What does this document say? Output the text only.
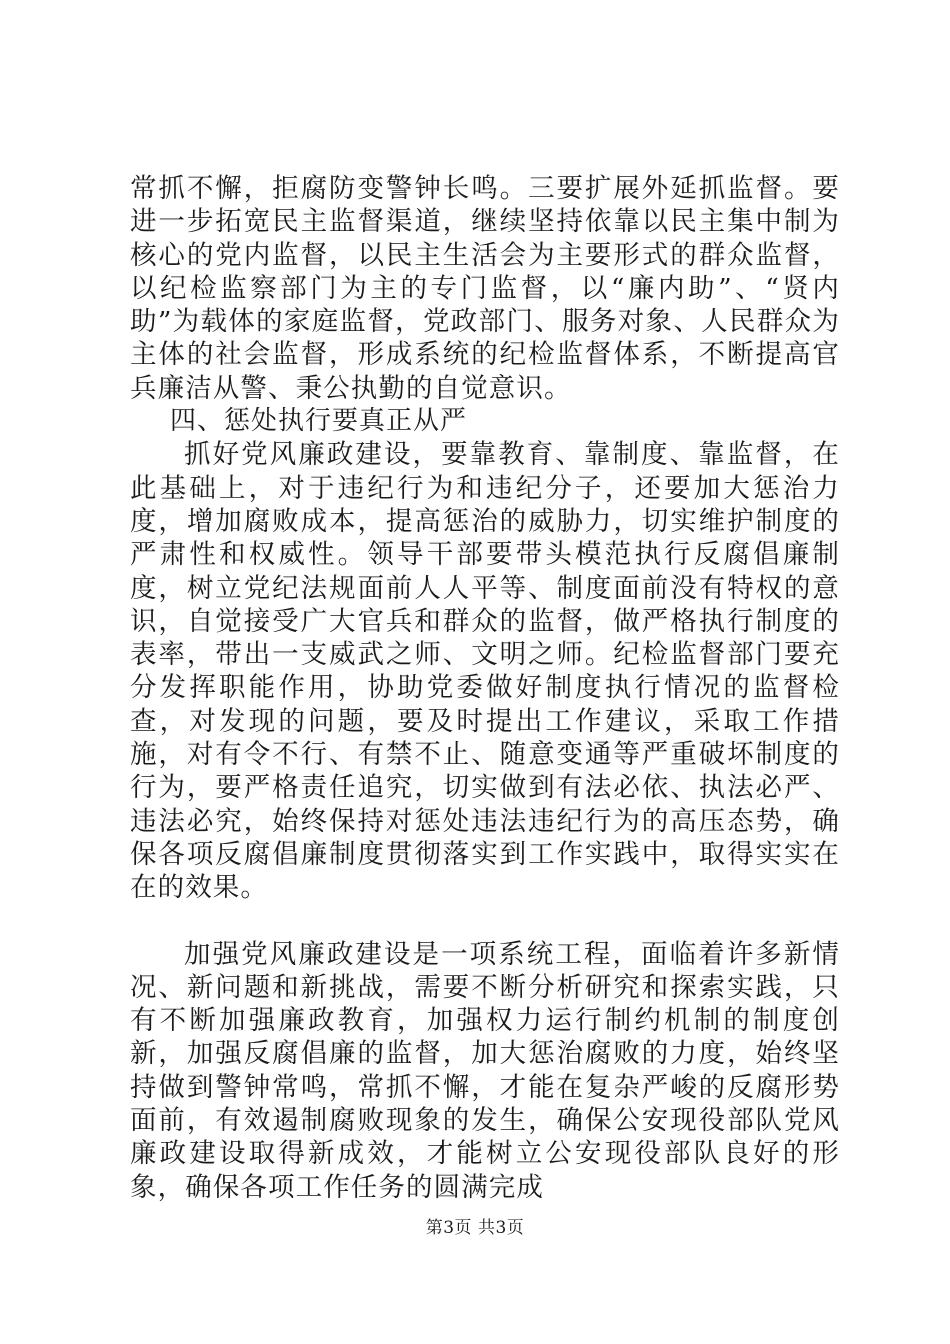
常抓不懈，拒腐防变警钟长鸣。三要扩展外延抓监督。要进一步拓宽民主监督渠道，继续坚持依靠以民主集中制为核心的党内监督，以民主生活会为主要形式的群众监督，以纪检监察部门为主的专门监督，以“廉内助”、“贤内助”为载体的家庭监督，党政部门、服务对象、人民群众为主体的社会监督，形成系统的纪检监督体系，不断提高官兵廉洁从警、秉公执勤的自觉意识。

四、惩处执行要真正从严

抓好党风廉政建设，要靠教育、靠制度、靠监督，在此基础上，对于违纪行为和违纪分子，还要加大惩治力度，增加腐败成本，提高惩治的威胁力，切实维护制度的严肃性和权威性。领导干部要带头模范执行反腐倡廉制度，树立党纪法规面前人人平等、制度面前没有特权的意识，自觉接受广大官兵和群众的监督，做严格执行制度的表率，带出一支威武之师、文明之师。纪检监督部门要充分发挥职能作用，协助党委做好制度执行情况的监督检查，对发现的问题，要及时提出工作建议，采取工作措施，对有令不行、有禁不止、随意变通等严重破坏制度的行为，要严格责任追究，切实做到有法必依、执法必严、违法必究，始终保持对惩处违法违纪行为的高压态势，确保各项反腐倡廉制度贯彻落实到工作实践中，取得实实在在的效果。

加强党风廉政建设是一项系统工程，面临着许多新情况、新问题和新挑战，需要不断分析研究和探索实践，只有不断加强廉政教育，加强权力运行制约机制的制度创新，加强反腐倡廉的监督，加大惩治腐败的力度，始终坚持做到警钟常鸣，常抓不懈，才能在复杂严峻的反腐形势面前，有效遏制腐败现象的发生，确保公安现役部队党风廉政建设取得新成效，才能树立公安现役部队良好的形象，确保各项工作任务的圆满完成

第3页 共3页
